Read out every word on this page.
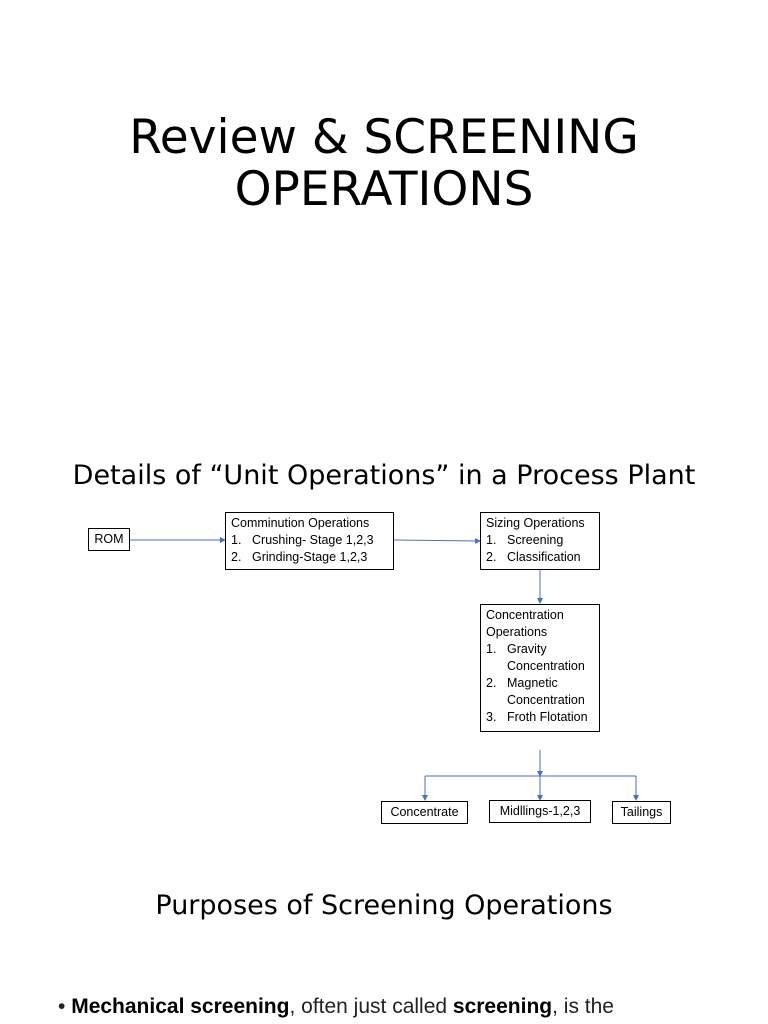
Review & SCREENING
OPERATIONS
Details of “Unit Operations” in a Process Plant
ROM
Comminution Operations
1. Crushing- Stage 1,2,3
2. Grinding-Stage 1,2,3
Sizing Operations
1. Screening
2. Classification
Concentration
Operations
1. Gravity
Concentration
2. Magnetic
Concentration
3. Froth Flotation
Concentrate	Midllings-1,2,3	Tailings
Purposes of Screening Operations
• Mechanical screening, often just called screening, is the
